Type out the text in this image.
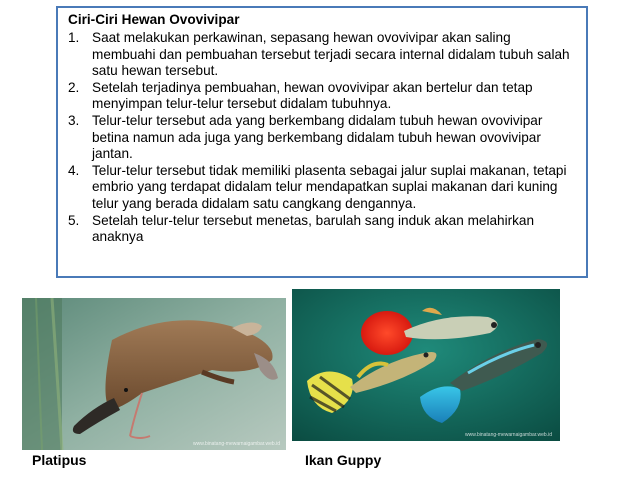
Ciri-Ciri Hewan Ovovivipar
1. Saat melakukan perkawinan, sepasang hewan ovovivipar akan saling membuahi dan pembuahan tersebut terjadi secara internal didalam tubuh salah satu hewan tersebut.
2. Setelah terjadinya pembuahan, hewan ovovivipar akan bertelur dan tetap menyimpan telur-telur tersebut didalam tubuhnya.
3. Telur-telur tersebut ada yang berkembang didalam tubuh hewan ovovivipar betina namun ada juga yang berkembang didalam tubuh hewan ovovivipar jantan.
4. Telur-telur tersebut tidak memiliki plasenta sebagai jalur suplai makanan, tetapi embrio yang terdapat didalam telur mendapatkan suplai makanan dari kuning telur yang berada didalam satu cangkang dengannya.
5. Setelah telur-telur tersebut menetas, barulah sang induk akan melahirkan anaknya
www.binatang-mewarnaigambar.web.id
www.binatang-mewarnaigambar.web.id
Platipus	Ikan Guppy
